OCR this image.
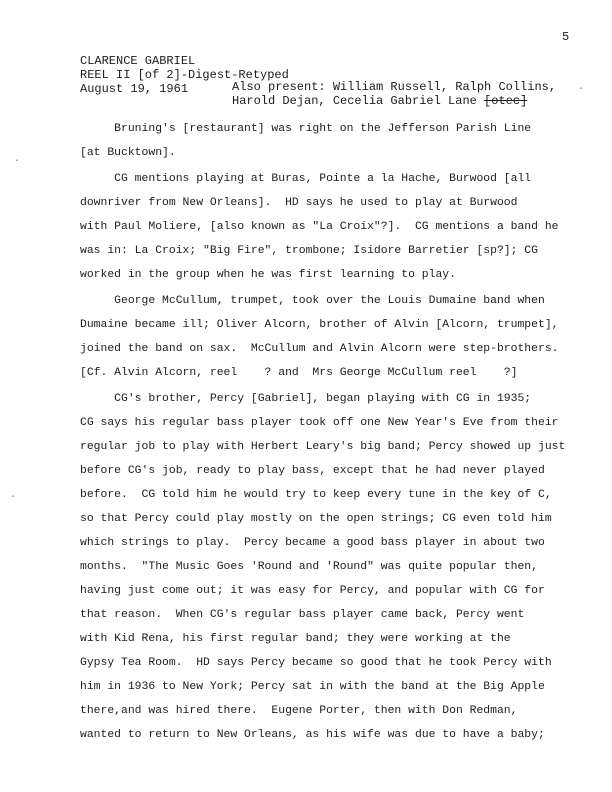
CLARENCE GABRIEL
5
REEL II [of 2]-Digest-Retyped
August 19, 1961	Also present: William Russell, Ralph Collins,
Harold Dejan, Cecelia Gabriel Lane [otec]
·
·
·
Bruning's [restaurant] was right on the Jefferson Parish Line
[at Bucktown].
CG mentions playing at Buras, Pointe a la Hache, Burwood [all
downriver from New Orleans].  HD says he used to play at Burwood
with Paul Moliere, [also known as "La Croix"?].  CG mentions a band he
was in: La Croix; "Big Fire", trombone; Isidore Barretier [sp?]; CG
worked in the group when he was first learning to play.
George McCullum, trumpet, took over the Louis Dumaine band when
Dumaine became ill; Oliver Alcorn, brother of Alvin [Alcorn, trumpet],
joined the band on sax.  McCullum and Alvin Alcorn were step-brothers.
[Cf. Alvin Alcorn, reel    ? and  Mrs George McCullum reel    ?]
CG's brother, Percy [Gabriel], began playing with CG in 1935;
CG says his regular bass player took off one New Year's Eve from their
regular job to play with Herbert Leary's big band; Percy showed up just
before CG's job, ready to play bass, except that he had never played
before.  CG told him he would try to keep every tune in the key of C,
so that Percy could play mostly on the open strings; CG even told him
which strings to play.  Percy became a good bass player in about two
months.  "The Music Goes 'Round and 'Round" was quite popular then,
having just come out; it was easy for Percy, and popular with CG for
that reason.  When CG's regular bass player came back, Percy went
with Kid Rena, his first regular band; they were working at the
Gypsy Tea Room.  HD says Percy became so good that he took Percy with
him in 1936 to New York; Percy sat in with the band at the Big Apple
there,and was hired there.  Eugene Porter, then with Don Redman,
wanted to return to New Orleans, as his wife was due to have a baby;
